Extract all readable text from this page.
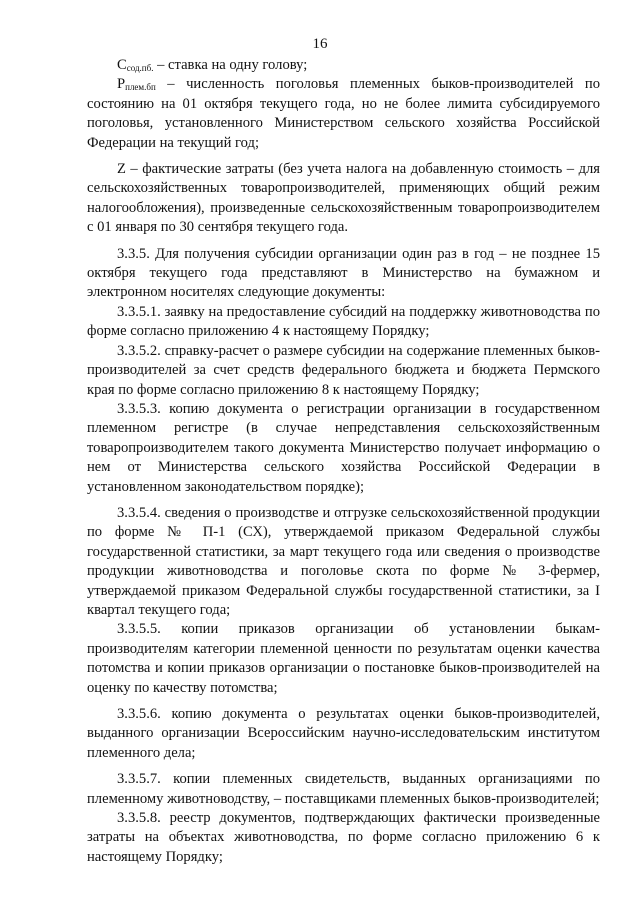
16

$С_{сод.пб.}$ – ставка на одну голову;

$Р_{плем.бп}$ – численность поголовья племенных быков-производителей по состоянию на 01 октября текущего года, но не более лимита субсидируемого поголовья, установленного Министерством сельского хозяйства Российской Федерации на текущий год;

Z – фактические затраты (без учета налога на добавленную стоимость – для сельскохозяйственных товаропроизводителей, применяющих общий режим налогообложения), произведенные сельскохозяйственным товаропроизводителем с 01 января по 30 сентября текущего года.

3.3.5. Для получения субсидии организации один раз в год – не позднее 15 октября текущего года представляют в Министерство на бумажном и электронном носителях следующие документы:

3.3.5.1. заявку на предоставление субсидий на поддержку животноводства по форме согласно приложению 4 к настоящему Порядку;

3.3.5.2. справку-расчет о размере субсидии на содержание племенных быков-производителей за счет средств федерального бюджета и бюджета Пермского края по форме согласно приложению 8 к настоящему Порядку;

3.3.5.3. копию документа о регистрации организации в государственном племенном регистре (в случае непредставления сельскохозяйственным товаропроизводителем такого документа Министерство получает информацию о нем от Министерства сельского хозяйства Российской Федерации в установленном законодательством порядке);

3.3.5.4. сведения о производстве и отгрузке сельскохозяйственной продукции по форме № П-1 (СХ), утверждаемой приказом Федеральной службы государственной статистики, за март текущего года или сведения о производстве продукции животноводства и поголовье скота по форме № 3-фермер, утверждаемой приказом Федеральной службы государственной статистики, за I квартал текущего года;

3.3.5.5. копии приказов организации об установлении быкам-производителям категории племенной ценности по результатам оценки качества потомства и копии приказов организации о постановке быков-производителей на оценку по качеству потомства;

3.3.5.6. копию документа о результатах оценки быков-производителей, выданного организации Всероссийским научно-исследовательским институтом племенного дела;

3.3.5.7. копии племенных свидетельств, выданных организациями по племенному животноводству, – поставщиками племенных быков-производителей;

3.3.5.8. реестр документов, подтверждающих фактически произведенные затраты на объектах животноводства, по форме согласно приложению 6 к настоящему Порядку;
